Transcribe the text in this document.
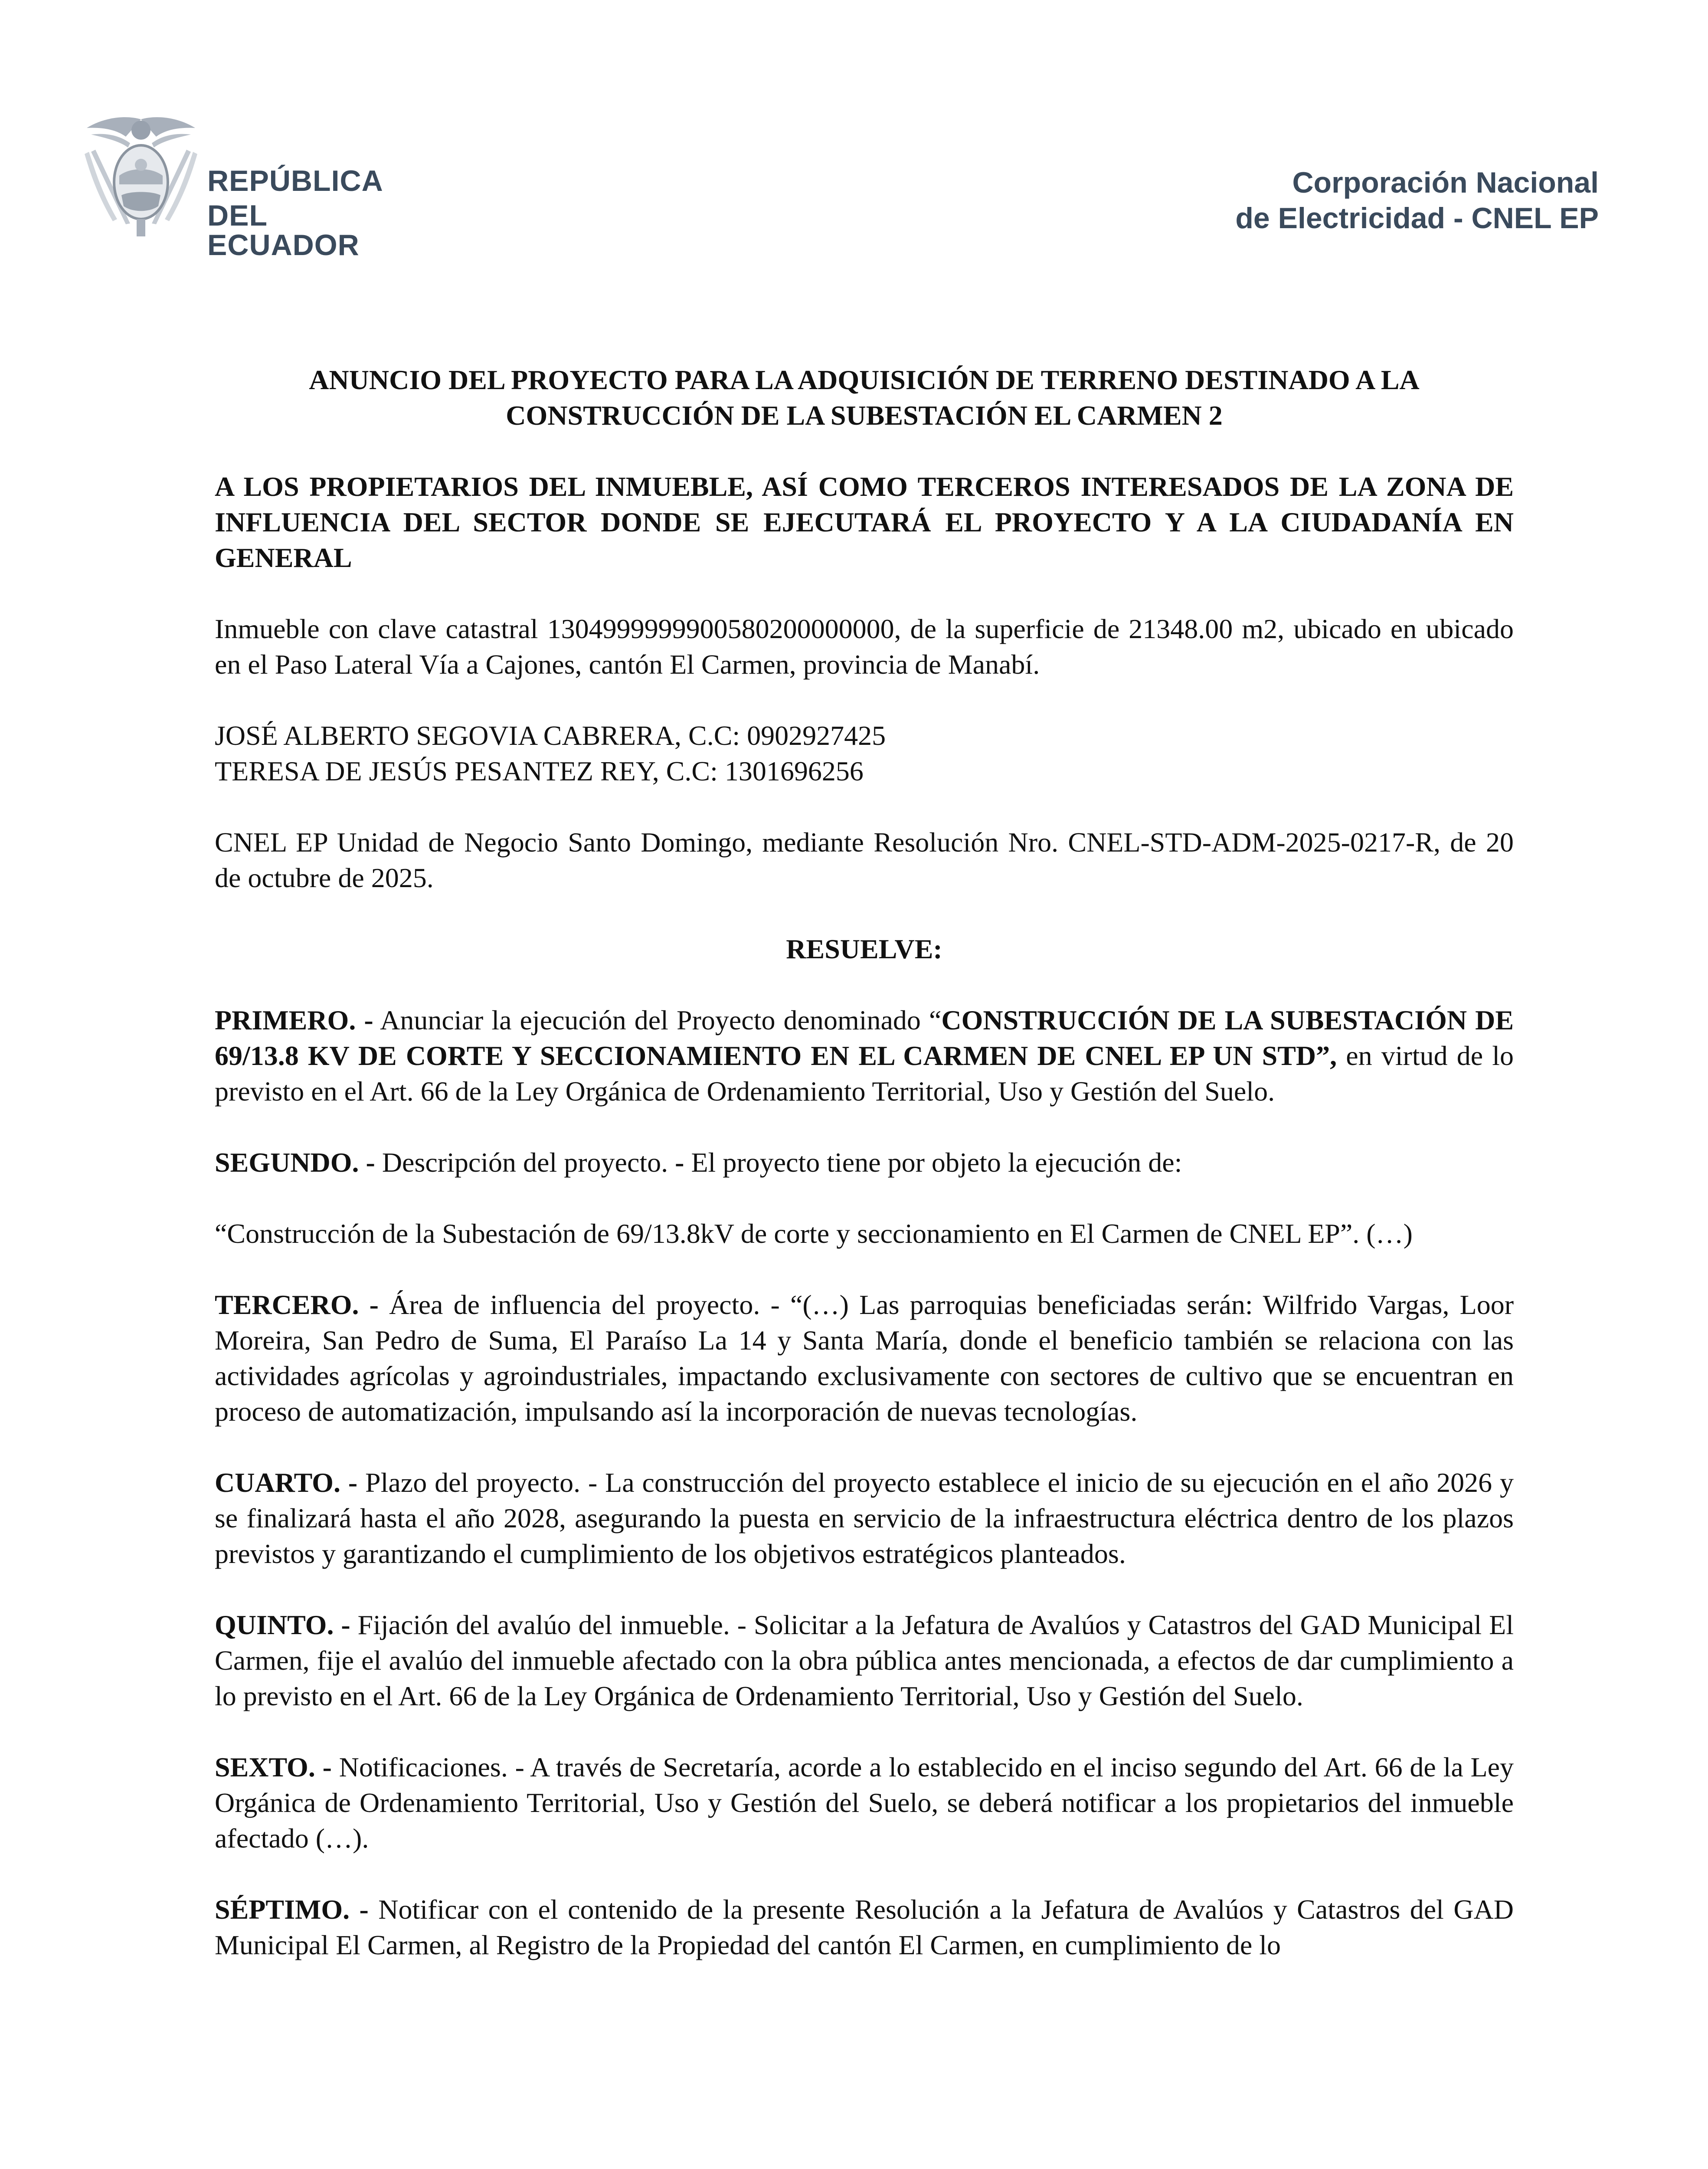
REPÚBLICA
DEL ECUADOR
Corporación Nacional
de Electricidad - CNEL EP

ANUNCIO DEL PROYECTO PARA LA ADQUISICIÓN DE TERRENO DESTINADO A LA

CONSTRUCCIÓN DE LA SUBESTACIÓN EL CARMEN 2

A LOS PROPIETARIOS DEL INMUEBLE, ASÍ COMO TERCEROS INTERESADOS DE LA ZONA DE INFLUENCIA DEL SECTOR DONDE SE EJECUTARÁ EL PROYECTO Y A LA CIUDADANÍA EN GENERAL

Inmueble con clave catastral 1304999999900580200000000, de la superficie de 21348.00 m2, ubicado en ubicado en el Paso Lateral Vía a Cajones, cantón El Carmen, provincia de Manabí.

JOSÉ ALBERTO SEGOVIA CABRERA, C.C: 0902927425

TERESA DE JESÚS PESANTEZ REY, C.C: 1301696256

CNEL EP Unidad de Negocio Santo Domingo, mediante Resolución Nro. CNEL-STD-ADM-2025-0217-R, de 20 de octubre de 2025.

RESUELVE:

PRIMERO. - Anunciar la ejecución del Proyecto denominado “CONSTRUCCIÓN DE LA SUBESTACIÓN DE 69/13.8 KV DE CORTE Y SECCIONAMIENTO EN EL CARMEN DE CNEL EP UN STD”, en virtud de lo previsto en el Art. 66 de la Ley Orgánica de Ordenamiento Territorial, Uso y Gestión del Suelo.

SEGUNDO. - Descripción del proyecto. - El proyecto tiene por objeto la ejecución de:

“Construcción de la Subestación de 69/13.8kV de corte y seccionamiento en El Carmen de CNEL EP”. (…)

TERCERO. - Área de influencia del proyecto. - “(…) Las parroquias beneficiadas serán: Wilfrido Vargas, Loor Moreira, San Pedro de Suma, El Paraíso La 14 y Santa María, donde el beneficio también se relaciona con las actividades agrícolas y agroindustriales, impactando exclusivamente con sectores de cultivo que se encuentran en proceso de automatización, impulsando así la incorporación de nuevas tecnologías.

CUARTO. - Plazo del proyecto. - La construcción del proyecto establece el inicio de su ejecución en el año 2026 y se finalizará hasta el año 2028, asegurando la puesta en servicio de la infraestructura eléctrica dentro de los plazos previstos y garantizando el cumplimiento de los objetivos estratégicos planteados.

QUINTO. - Fijación del avalúo del inmueble. - Solicitar a la Jefatura de Avalúos y Catastros del GAD Municipal El Carmen, fije el avalúo del inmueble afectado con la obra pública antes mencionada, a efectos de dar cumplimiento a lo previsto en el Art. 66 de la Ley Orgánica de Ordenamiento Territorial, Uso y Gestión del Suelo.

SEXTO. - Notificaciones. - A través de Secretaría, acorde a lo establecido en el inciso segundo del Art. 66 de la Ley Orgánica de Ordenamiento Territorial, Uso y Gestión del Suelo, se deberá notificar a los propietarios del inmueble afectado (…).

SÉPTIMO. - Notificar con el contenido de la presente Resolución a la Jefatura de Avalúos y Catastros del GAD Municipal El Carmen, al Registro de la Propiedad del cantón El Carmen, en cumplimiento de lo
